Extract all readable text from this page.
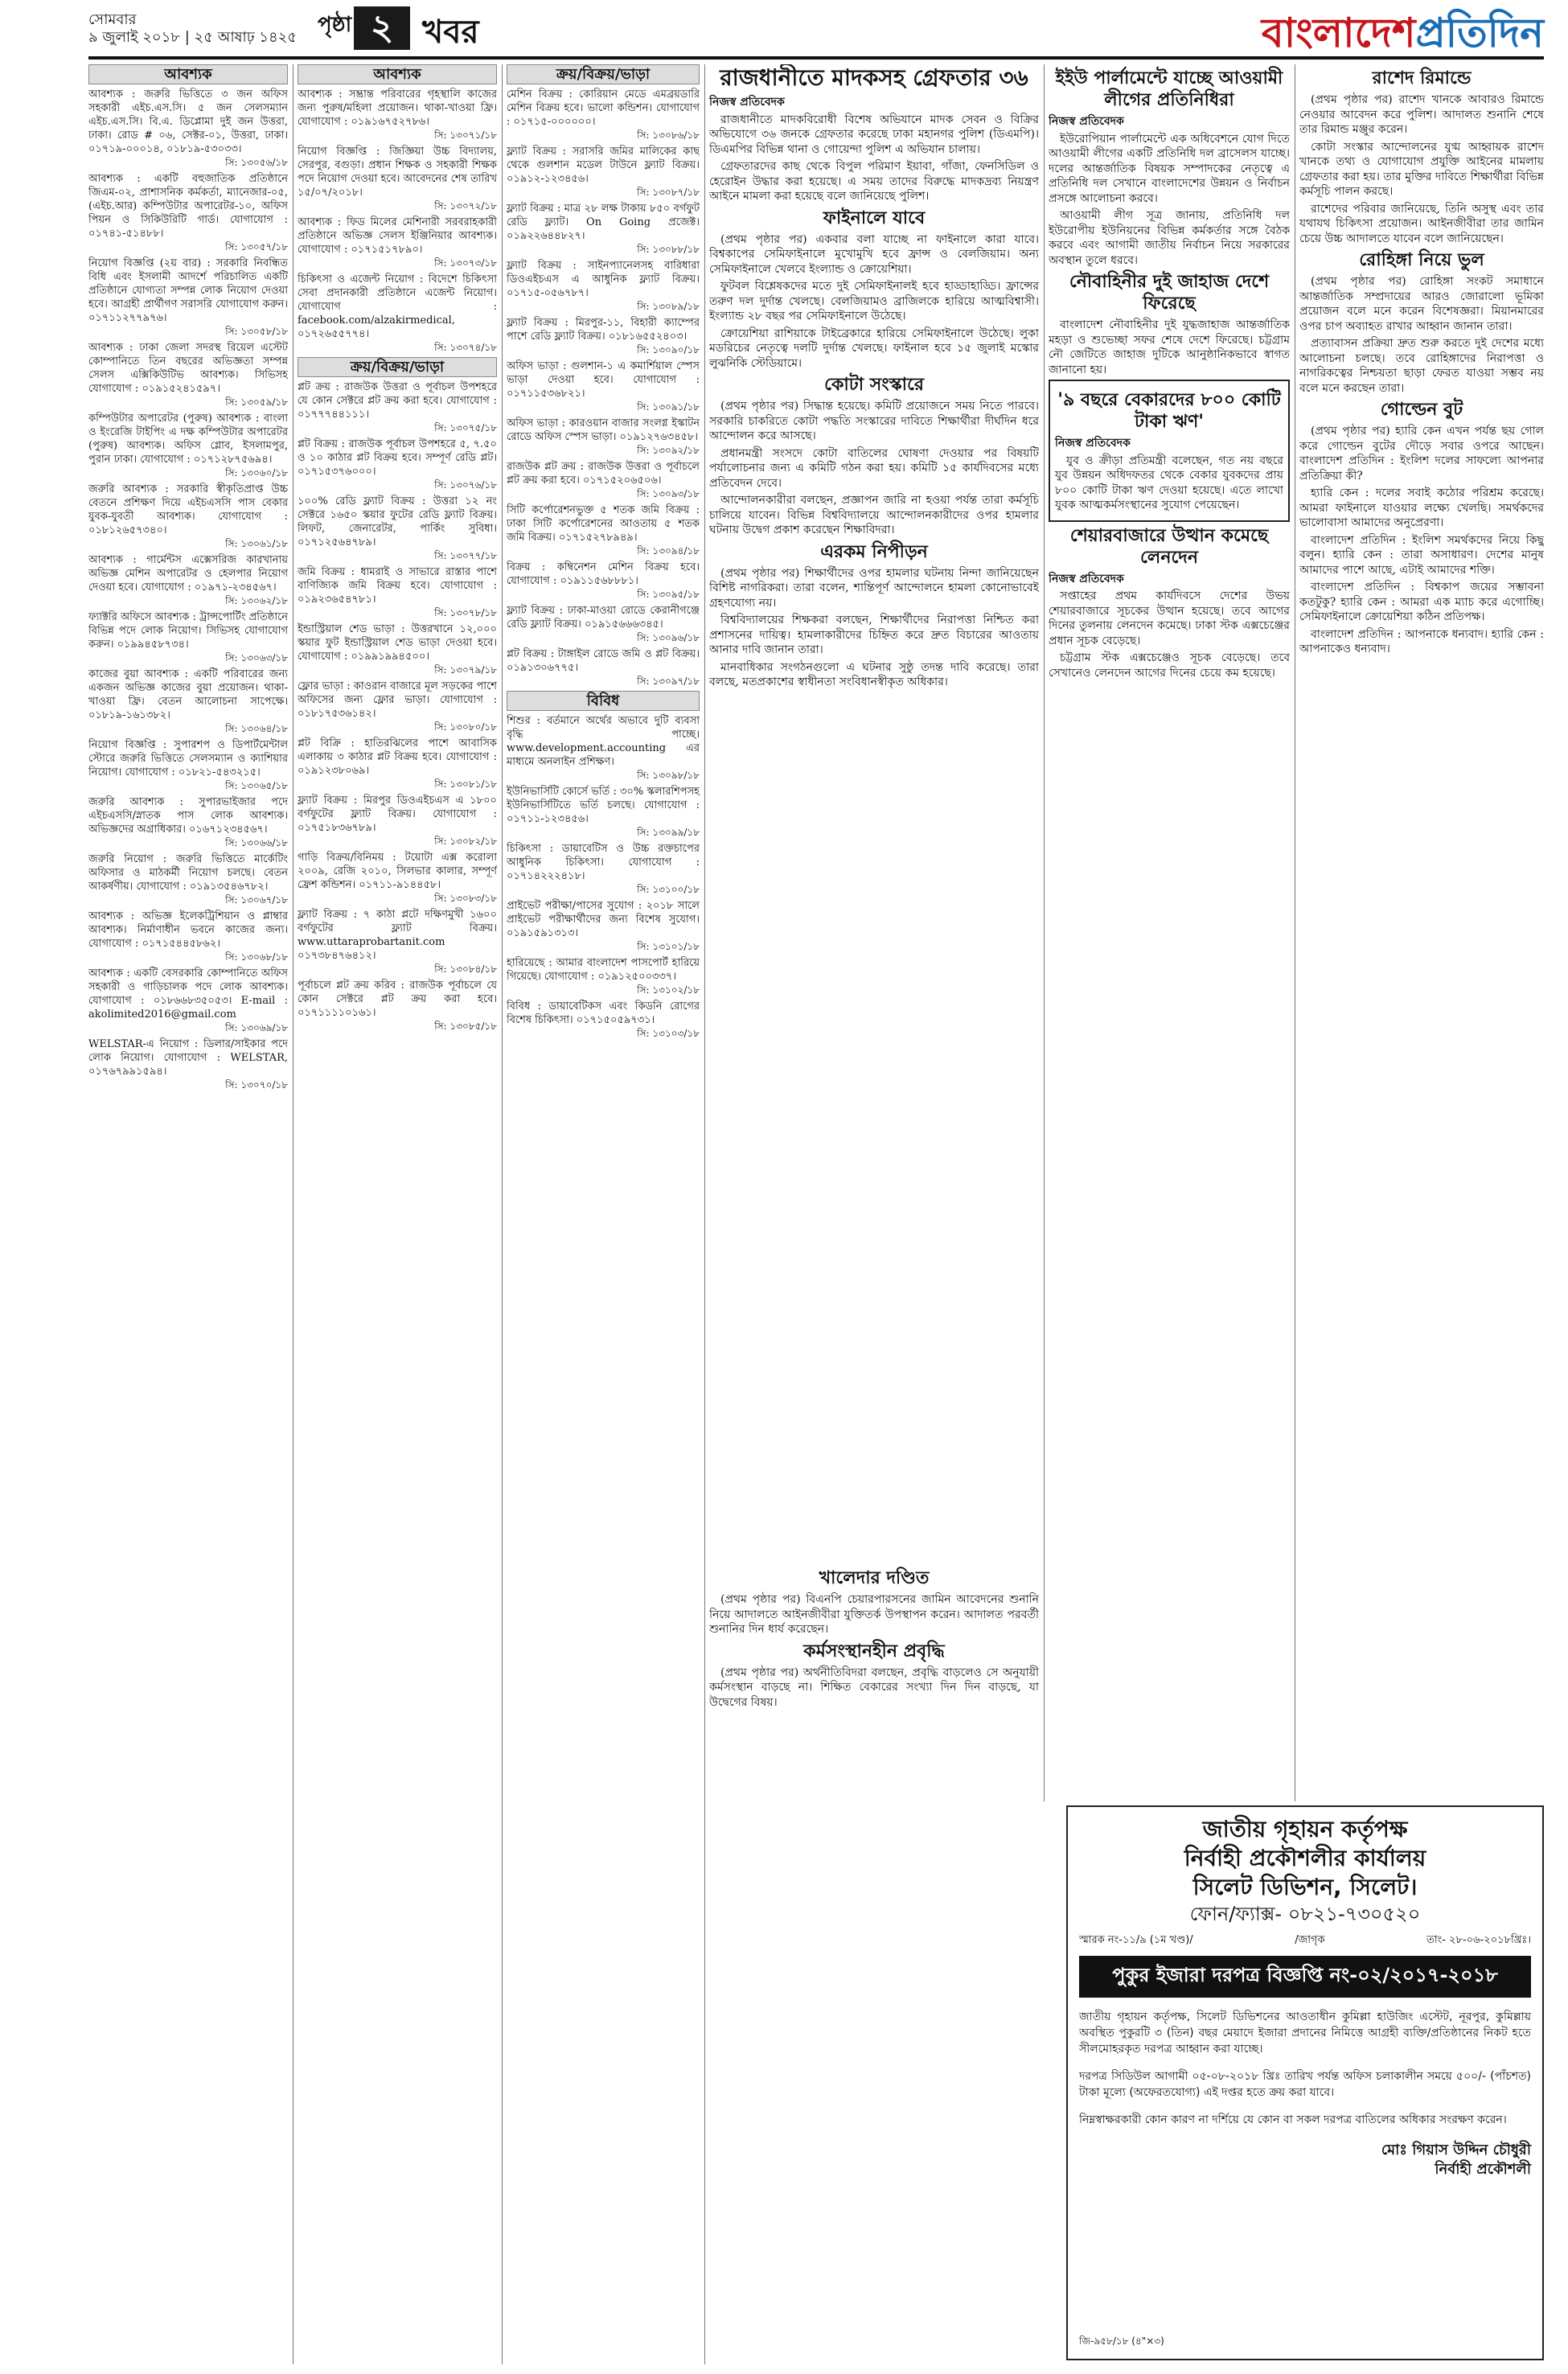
সোমবার
৯ জুলাই ২০১৮ | ২৫ আষাঢ় ১৪২৫
পৃষ্ঠা ২ খবর	বাংলাদেশপ্রতিদিন
আবশ্যক
আবশ্যক : জরুরি ভিত্তিতে ৩ জন অফিস সহকারী এইচ.এস.সি। ৫ জন সেলসম্যান এইচ.এস.সি। বি.এ. ডিপ্লোমা দুই জন উত্তরা, ঢাকা। রোড # ০৬, সেক্টর-০১, উত্তরা, ঢাকা। ০১৭১৯-০০০১৪, ০১৮১৯-৫৩০৩৩।
সি: ১৩০৫৬/১৮
আবশ্যক : একটি বহুজাতিক প্রতিষ্ঠানে জিএম-০২, প্রাশাসনিক কর্মকর্তা, ম্যানেজার-০৫, (এইচ.আর) কম্পিউটার অপারেটর-১০, অফিস পিয়ন ও সিকিউরিটি গার্ড। যোগাযোগ : ০১৭৪১-৫১৪৮৮।
সি: ১৩০৫৭/১৮
নিয়োগ বিজ্ঞপ্তি (২য় বার) : সরকারি নিবন্ধিত বিধি এবং ইসলামী আদর্শে পরিচালিত একটি প্রতিষ্ঠানে যোগ্যতা সম্পন্ন লোক নিয়োগ দেওয়া হবে। আগ্রহী প্রার্থীগণ সরাসরি যোগাযোগ করুন। ০১৭১১২৭৭৯৭৬।
সি: ১৩০৫৮/১৮
আবশ্যক : ঢাকা জেলা সদরস্থ রিয়েল এস্টেট কোম্পানিতে তিন বছরের অভিজ্ঞতা সম্পন্ন সেলস এক্সিকিউটিভ আবশ্যক। সিভিসহ যোগাযোগ : ০১৯১৫২৪১৫৯৭।
সি: ১৩০৫৯/১৮
কম্পিউটার অপারেটর (পুরুষ) আবশ্যক : বাংলা ও ইংরেজি টাইপিং এ দক্ষ কম্পিউটার অপারেটর (পুরুষ) আবশ্যক। অফিস গ্লোব, ইসলামপুর, পুরান ঢাকা। যোগাযোগ : ০১৭১২৮৭৫৬৯৪।
সি: ১৩০৬০/১৮
জরুরি আবশ্যক : সরকারি স্বীকৃতিপ্রাপ্ত উচ্চ বেতনে প্রশিক্ষণ দিয়ে এইচএসসি পাস বেকার যুবক-যুবতী আবশ্যক। যোগাযোগ : ০১৮১২৬৫৭৩৪০।
সি: ১৩০৬১/১৮
আবশ্যক : গার্মেন্টস এক্সেসরিজ কারখানায় অভিজ্ঞ মেশিন অপারেটর ও হেলপার নিয়োগ দেওয়া হবে। যোগাযোগ : ০১৯৭১-২৩৪৫৬৭।
সি: ১৩০৬২/১৮
ফ্যাক্টরি অফিসে আবশ্যক : ট্রান্সপোর্টিং প্রতিষ্ঠানে বিভিন্ন পদে লোক নিয়োগ। সিভিসহ যোগাযোগ করুন। ০১৯৯৪৫৮৭৩৪।
সি: ১৩০৬৩/১৮
কাজের বুয়া আবশ্যক : একটি পরিবারের জন্য একজন অভিজ্ঞ কাজের বুয়া প্রয়োজন। থাকা-খাওয়া ফ্রি। বেতন আলোচনা সাপেক্ষে। ০১৮১৯-১৬১৩৮২।
সি: ১৩০৬৪/১৮
নিয়োগ বিজ্ঞপ্তি : সুপারশপ ও ডিপার্টমেন্টাল স্টোরে জরুরি ভিত্তিতে সেলসম্যান ও ক্যাশিয়ার নিয়োগ। যোগাযোগ : ০১৮২১-৫৪৩২১৫।
সি: ১৩০৬৫/১৮
জরুরি আবশ্যক : সুপারভাইজার পদে এইচএসসি/স্নাতক পাস লোক আবশ্যক। অভিজ্ঞদের অগ্রাধিকার। ০১৬৭১২৩৪৫৬৭।
সি: ১৩০৬৬/১৮
জরুরি নিয়োগ : জরুরি ভিত্তিতে মার্কেটিং অফিসার ও মাঠকর্মী নিয়োগ চলছে। বেতন আকর্ষণীয়। যোগাযোগ : ০১৯১৩৫৪৬৭৮২।
সি: ১৩০৬৭/১৮
আবশ্যক : অভিজ্ঞ ইলেকট্রিশিয়ান ও প্লাম্বার আবশ্যক। নির্মাণাধীন ভবনে কাজের জন্য। যোগাযোগ : ০১৭১৫৪৪৫৮৬২।
সি: ১৩০৬৮/১৮
আবশ্যক : একটি বেসরকারি কোম্পানিতে অফিস সহকারী ও গাড়িচালক পদে লোক আবশ্যক। যোগাযোগ : ০১৮৬৬৮৩৫০৫৩। E-mail : akolimited2016@gmail.com
সি: ১৩০৬৯/১৮
WELSTAR-এ নিয়োগ : ডিলার/সাইকার পদে লোক নিয়োগ। যোগাযোগ : WELSTAR, ০১৭৬৭৯৯১৫৯৪।
সি: ১৩০৭০/১৮
আবশ্যক
আবশ্যক : সম্ভ্রান্ত পরিবারের গৃহস্থালি কাজের জন্য পুরুষ/মহিলা প্রয়োজন। থাকা-খাওয়া ফ্রি। যোগাযোগ : ০১৯১৬৭৫২৭৮৬।
সি: ১৩০৭১/১৮
নিয়োগ বিজ্ঞপ্তি : জিজ্ঞিয়া উচ্চ বিদ্যালয়, সেরপুর, বগুড়া। প্রধান শিক্ষক ও সহকারী শিক্ষক পদে নিয়োগ দেওয়া হবে। আবেদনের শেষ তারিখ ১৫/০৭/২০১৮।
সি: ১৩০৭২/১৮
আবশ্যক : ফিড মিলের মেশিনারী সরবরাহকারী প্রতিষ্ঠানে অভিজ্ঞ সেলস ইঞ্জিনিয়ার আবশ্যক। যোগাযোগ : ০১৭১৫১৭৮৯০।
সি: ১৩০৭৩/১৮
চিকিৎসা ও এজেন্ট নিয়োগ : বিদেশে চিকিৎসা সেবা প্রদানকারী প্রতিষ্ঠানে এজেন্ট নিয়োগ। যোগাযোগ : facebook.com/alzakirmedical, ০১৭২৬৫৫৭৭৪।
সি: ১৩০৭৪/১৮
ক্রয়/বিক্রয়/ভাড়া
প্লট ক্রয় : রাজউক উত্তরা ও পূর্বাচল উপশহরে যে কোন সেক্টরে প্লট ক্রয় করা হবে। যোগাযোগ : ০১৭৭৭৪৪১১১।
সি: ১৩০৭৫/১৮
প্লট বিক্রয় : রাজউক পূর্বাচল উপশহরে ৫, ৭.৫০ ও ১০ কাঠার প্লট বিক্রয় হবে। সম্পূর্ণ রেডি প্লট। ০১৭১৫৩৭৬০০০।
সি: ১৩০৭৬/১৮
১০০% রেডি ফ্ল্যাট বিক্রয় : উত্তরা ১২ নং সেক্টরে ১৬৫০ স্কয়ার ফুটের রেডি ফ্ল্যাট বিক্রয়। লিফট, জেনারেটর, পার্কিং সুবিধা। ০১৭১২৫৬৪৭৮৯।
সি: ১৩০৭৭/১৮
জমি বিক্রয় : ধামরাই ও সাভারে রাস্তার পাশে বাণিজ্যিক জমি বিক্রয় হবে। যোগাযোগ : ০১৯২৩৬৫৪৭৮১।
সি: ১৩০৭৮/১৮
ইন্ডাস্ট্রিয়াল শেড ভাড়া : উত্তরখানে ১২,০০০ স্কয়ার ফুট ইন্ডাস্ট্রিয়াল শেড ভাড়া দেওয়া হবে। যোগাযোগ : ০১৯৯১৯৯৪৫০০।
সি: ১৩০৭৯/১৮
ফ্লোর ভাড়া : কাওরান বাজারে মূল সড়কের পাশে অফিসের জন্য ফ্লোর ভাড়া। যোগাযোগ : ০১৮১৭৫৩৬১৪২।
সি: ১৩০৮০/১৮
প্লট বিক্রি : হাতিরঝিলের পাশে আবাসিক এলাকায় ৩ কাঠার প্লট বিক্রয় হবে। যোগাযোগ : ০১৯১২৩৮০৬৯।
সি: ১৩০৮১/১৮
ফ্ল্যাট বিক্রয় : মিরপুর ডিওএইচএস এ ১৮০০ বর্গফুটের ফ্ল্যাট বিক্রয়। যোগাযোগ : ০১৭৫১৮৩৬৭৮৯।
সি: ১৩০৮২/১৮
গাড়ি বিক্রয়/বিনিময় : টয়োটা এক্স করোলা ২০০৯, রেজি ২০১০, সিলভার কালার, সম্পূর্ণ ফ্রেশ কন্ডিশন। ০১৭১১-৯১৪৪৫৮।
সি: ১৩০৮৩/১৮
ফ্ল্যাট বিক্রয় : ৭ কাঠা প্লটে দক্ষিণমুখী ১৬০০ বর্গফুটের ফ্ল্যাট বিক্রয়। www.uttaraprobartanit.com ০১৭৩৮৪৭৬৪১২।
সি: ১৩০৮৪/১৮
পূর্বাচলে প্লট ক্রয় করিব : রাজউক পূর্বাচলে যে কোন সেক্টরে প্লট ক্রয় করা হবে। ০১৭১১১১০১৬১।
সি: ১৩০৮৫/১৮
ক্রয়/বিক্রয়/ভাড়া
মেশিন বিক্রয় : কোরিয়ান মেডে এমব্রয়ডারি মেশিন বিক্রয় হবে। ভালো কন্ডিশন। যোগাযোগ : ০১৭১৫-০০০০০০।
সি: ১৩০৮৬/১৮
ফ্ল্যাট বিক্রয় : সরাসরি জমির মালিকের কাছ থেকে গুলশান মডেল টাউনে ফ্ল্যাট বিক্রয়। ০১৯১২-১২৩৪৫৬।
সি: ১৩০৮৭/১৮
ফ্ল্যাট বিক্রয় : মাত্র ২৮ লক্ষ টাকায় ৮৫০ বর্গফুট রেডি ফ্ল্যাট। On Going প্রজেক্ট। ০১৯২২৬৪৪৮২৭।
সি: ১৩০৮৮/১৮
ফ্ল্যাট বিক্রয় : সাইনপ্যানেলসহ বারিধারা ডিওএইচএস এ আধুনিক ফ্ল্যাট বিক্রয়। ০১৭১৫-০৫৬৭৮৭।
সি: ১৩০৮৯/১৮
ফ্ল্যাট বিক্রয় : মিরপুর-১১, বিহারী ক্যাম্পের পাশে রেডি ফ্ল্যাট বিক্রয়। ০১৮১৬৫৫২৪০৩।
সি: ১৩০৯০/১৮
অফিস ভাড়া : গুলশান-১ এ কমার্শিয়াল স্পেস ভাড়া দেওয়া হবে। যোগাযোগ : ০১৭১১৫৩৬৮২১।
সি: ১৩০৯১/১৮
অফিস ভাড়া : কারওয়ান বাজার সংলগ্ন ইস্কাটন রোডে অফিস স্পেস ভাড়া। ০১৯১২৭৬৩৪৫৮।
সি: ১৩০৯২/১৮
রাজউক প্লট ক্রয় : রাজউক উত্তরা ও পূর্বাচলে প্লট ক্রয় করা হবে। ০১৭১৫২০৬৫০৬।
সি: ১৩০৯৩/১৮
সিটি কর্পোরেশনভুক্ত ৫ শতক জমি বিক্রয় : ঢাকা সিটি কর্পোরেশনের আওতায় ৫ শতক জমি বিক্রয়। ০১৭১৫২৭৮৯৪৯।
সি: ১৩০৯৪/১৮
বিক্রয় : কম্বিনেশন মেশিন বিক্রয় হবে। যোগাযোগ : ০১৯১১৫৬৮৮৮১।
সি: ১৩০৯৫/১৮
ফ্ল্যাট বিক্রয় : ঢাকা-মাওয়া রোডে কেরানীগঞ্জে রেডি ফ্ল্যাট বিক্রয়। ০১৯১৫৬৬৬৩৪৫।
সি: ১৩০৯৬/১৮
প্লট বিক্রয় : টাঙ্গাইল রোডে জমি ও প্লট বিক্রয়। ০১৯১৩০৬৭৭৫।
সি: ১৩০৯৭/১৮
বিবিধ
শিশুর : বর্তমানে অর্থের অভাবে দুটি ব্যবসা বৃদ্ধি পাচ্ছে। www.development.accounting এর মাধ্যমে অনলাইন প্রশিক্ষণ।
সি: ১৩০৯৮/১৮
ইউনিভার্সিটি কোর্সে ভর্তি : ৩০% স্কলারশিপসহ ইউনিভার্সিটিতে ভর্তি চলছে। যোগাযোগ : ০১৭১১-১২৩৪৫৬।
সি: ১৩০৯৯/১৮
চিকিৎসা : ডায়াবেটিস ও উচ্চ রক্তচাপের আধুনিক চিকিৎসা। যোগাযোগ : ০১৭১৪২২২৪১৮।
সি: ১৩১০০/১৮
প্রাইভেট পরীক্ষা/পাসের সুযোগ : ২০১৮ সালে প্রাইভেট পরীক্ষার্থীদের জন্য বিশেষ সুযোগ। ০১৯১৫৯১৩১৩।
সি: ১৩১০১/১৮
হারিয়েছে : আমার বাংলাদেশ পাসপোর্ট হারিয়ে গিয়েছে। যোগাযোগ : ০১৯১২৫০০৩৩৭।
সি: ১৩১০২/১৮
বিবিধ : ডায়াবেটিকস এবং কিডনি রোগের বিশেষ চিকিৎসা। ০১৭১৫০৫৯৭৩১।
সি: ১৩১০৩/১৮
রাজধানীতে মাদকসহ গ্রেফতার ৩৬
নিজস্ব প্রতিবেদক

রাজধানীতে মাদকবিরোধী বিশেষ অভিযানে মাদক সেবন ও বিক্রির অভিযোগে ৩৬ জনকে গ্রেফতার করেছে ঢাকা মহানগর পুলিশ (ডিএমপি)। ডিএমপির বিভিন্ন থানা ও গোয়েন্দা পুলিশ এ অভিযান চালায়।

গ্রেফতারদের কাছ থেকে বিপুল পরিমাণ ইয়াবা, গাঁজা, ফেনসিডিল ও হেরোইন উদ্ধার করা হয়েছে। এ সময় তাদের বিরুদ্ধে মাদকদ্রব্য নিয়ন্ত্রণ আইনে মামলা করা হয়েছে বলে জানিয়েছে পুলিশ।

ফাইনালে যাবে

(প্রথম পৃষ্ঠার পর) একবার বলা যাচ্ছে না ফাইনালে কারা যাবে। বিশ্বকাপের সেমিফাইনালে মুখোমুখি হবে ফ্রান্স ও বেলজিয়াম। অন্য সেমিফাইনালে খেলবে ইংল্যান্ড ও ক্রোয়েশিয়া।

ফুটবল বিশ্লেষকদের মতে দুই সেমিফাইনালই হবে হাড্ডাহাড্ডি। ফ্রান্সের তরুণ দল দুর্দান্ত খেলছে। বেলজিয়ামও ব্রাজিলকে হারিয়ে আত্মবিশ্বাসী। ইংল্যান্ড ২৮ বছর পর সেমিফাইনালে উঠেছে।

ক্রোয়েশিয়া রাশিয়াকে টাইব্রেকারে হারিয়ে সেমিফাইনালে উঠেছে। লুকা মডরিচের নেতৃত্বে দলটি দুর্দান্ত খেলছে। ফাইনাল হবে ১৫ জুলাই মস্কোর লুঝনিকি স্টেডিয়ামে।

কোটা সংস্কারে

(প্রথম পৃষ্ঠার পর) সিদ্ধান্ত হয়েছে। কমিটি প্রয়োজনে সময় নিতে পারবে। সরকারি চাকরিতে কোটা পদ্ধতি সংস্কারের দাবিতে শিক্ষার্থীরা দীর্ঘদিন ধরে আন্দোলন করে আসছে।

প্রধানমন্ত্রী সংসদে কোটা বাতিলের ঘোষণা দেওয়ার পর বিষয়টি পর্যালোচনার জন্য এ কমিটি গঠন করা হয়। কমিটি ১৫ কার্যদিবসের মধ্যে প্রতিবেদন দেবে।

আন্দোলনকারীরা বলছেন, প্রজ্ঞাপন জারি না হওয়া পর্যন্ত তারা কর্মসূচি চালিয়ে যাবেন। বিভিন্ন বিশ্ববিদ্যালয়ে আন্দোলনকারীদের ওপর হামলার ঘটনায় উদ্বেগ প্রকাশ করেছেন শিক্ষাবিদরা।

এরকম নিপীড়ন

(প্রথম পৃষ্ঠার পর) শিক্ষার্থীদের ওপর হামলার ঘটনায় নিন্দা জানিয়েছেন বিশিষ্ট নাগরিকরা। তারা বলেন, শান্তিপূর্ণ আন্দোলনে হামলা কোনোভাবেই গ্রহণযোগ্য নয়।

বিশ্ববিদ্যালয়ের শিক্ষকরা বলছেন, শিক্ষার্থীদের নিরাপত্তা নিশ্চিত করা প্রশাসনের দায়িত্ব। হামলাকারীদের চিহ্নিত করে দ্রুত বিচারের আওতায় আনার দাবি জানান তারা।

মানবাধিকার সংগঠনগুলো এ ঘটনার সুষ্ঠু তদন্ত দাবি করেছে। তারা বলছে, মতপ্রকাশের স্বাধীনতা সংবিধানস্বীকৃত অধিকার।

খালেদার দণ্ডিত

(প্রথম পৃষ্ঠার পর) বিএনপি চেয়ারপারসনের জামিন আবেদনের শুনানি নিয়ে আদালতে আইনজীবীরা যুক্তিতর্ক উপস্থাপন করেন। আদালত পরবর্তী শুনানির দিন ধার্য করেছেন।

কর্মসংস্থানহীন প্রবৃদ্ধি

(প্রথম পৃষ্ঠার পর) অর্থনীতিবিদরা বলছেন, প্রবৃদ্ধি বাড়লেও সে অনুযায়ী কর্মসংস্থান বাড়ছে না। শিক্ষিত বেকারের সংখ্যা দিন দিন বাড়ছে, যা উদ্বেগের বিষয়।

ইইউ পার্লামেন্টে যাচ্ছে আওয়ামী লীগের প্রতিনিধিরা
নিজস্ব প্রতিবেদক

ইউরোপিয়ান পার্লামেন্টে এক অধিবেশনে যোগ দিতে আওয়ামী লীগের একটি প্রতিনিধি দল ব্রাসেলস যাচ্ছে। দলের আন্তর্জাতিক বিষয়ক সম্পাদকের নেতৃত্বে এ প্রতিনিধি দল সেখানে বাংলাদেশের উন্নয়ন ও নির্বাচন প্রসঙ্গে আলোচনা করবে।

আওয়ামী লীগ সূত্র জানায়, প্রতিনিধি দল ইউরোপীয় ইউনিয়নের বিভিন্ন কর্মকর্তার সঙ্গে বৈঠক করবে এবং আগামী জাতীয় নির্বাচন নিয়ে সরকারের অবস্থান তুলে ধরবে।

নৌবাহিনীর দুই জাহাজ দেশে ফিরেছে

বাংলাদেশ নৌবাহিনীর দুই যুদ্ধজাহাজ আন্তর্জাতিক মহড়া ও শুভেচ্ছা সফর শেষে দেশে ফিরেছে। চট্টগ্রাম নৌ জেটিতে জাহাজ দুটিকে আনুষ্ঠানিকভাবে স্বাগত জানানো হয়।

'৯ বছরে বেকারদের ৮০০ কোটি টাকা ঋণ'
নিজস্ব প্রতিবেদক

যুব ও ক্রীড়া প্রতিমন্ত্রী বলেছেন, গত নয় বছরে যুব উন্নয়ন অধিদফতর থেকে বেকার যুবকদের প্রায় ৮০০ কোটি টাকা ঋণ দেওয়া হয়েছে। এতে লাখো যুবক আত্মকর্মসংস্থানের সুযোগ পেয়েছেন।

শেয়ারবাজারে উত্থান কমেছে লেনদেন
নিজস্ব প্রতিবেদক

সপ্তাহের প্রথম কার্যদিবসে দেশের উভয় শেয়ারবাজারে সূচকের উত্থান হয়েছে। তবে আগের দিনের তুলনায় লেনদেন কমেছে। ঢাকা স্টক এক্সচেঞ্জের প্রধান সূচক বেড়েছে।

চট্টগ্রাম স্টক এক্সচেঞ্জেও সূচক বেড়েছে। তবে সেখানেও লেনদেন আগের দিনের চেয়ে কম হয়েছে।

রাশেদ রিমান্ডে

(প্রথম পৃষ্ঠার পর) রাশেদ খানকে আবারও রিমান্ডে নেওয়ার আবেদন করে পুলিশ। আদালত শুনানি শেষে তার রিমান্ড মঞ্জুর করেন।

কোটা সংস্কার আন্দোলনের যুগ্ম আহ্বায়ক রাশেদ খানকে তথ্য ও যোগাযোগ প্রযুক্তি আইনের মামলায় গ্রেফতার করা হয়। তার মুক্তির দাবিতে শিক্ষার্থীরা বিভিন্ন কর্মসূচি পালন করছে।

রাশেদের পরিবার জানিয়েছে, তিনি অসুস্থ এবং তার যথাযথ চিকিৎসা প্রয়োজন। আইনজীবীরা তার জামিন চেয়ে উচ্চ আদালতে যাবেন বলে জানিয়েছেন।

রোহিঙ্গা নিয়ে ভুল

(প্রথম পৃষ্ঠার পর) রোহিঙ্গা সংকট সমাধানে আন্তর্জাতিক সম্প্রদায়ের আরও জোরালো ভূমিকা প্রয়োজন বলে মনে করেন বিশেষজ্ঞরা। মিয়ানমারের ওপর চাপ অব্যাহত রাখার আহ্বান জানান তারা।

প্রত্যাবাসন প্রক্রিয়া দ্রুত শুরু করতে দুই দেশের মধ্যে আলোচনা চলছে। তবে রোহিঙ্গাদের নিরাপত্তা ও নাগরিকত্বের নিশ্চয়তা ছাড়া ফেরত যাওয়া সম্ভব নয় বলে মনে করছেন তারা।

গোল্ডেন বুট

(প্রথম পৃষ্ঠার পর) হ্যারি কেন এখন পর্যন্ত ছয় গোল করে গোল্ডেন বুটের দৌড়ে সবার ওপরে আছেন। বাংলাদেশ প্রতিদিন : ইংলিশ দলের সাফল্যে আপনার প্রতিক্রিয়া কী?

হ্যারি কেন : দলের সবাই কঠোর পরিশ্রম করেছে। আমরা ফাইনালে যাওয়ার লক্ষ্যে খেলছি। সমর্থকদের ভালোবাসা আমাদের অনুপ্রেরণা।

বাংলাদেশ প্রতিদিন : ইংলিশ সমর্থকদের নিয়ে কিছু বলুন। হ্যারি কেন : তারা অসাধারণ। দেশের মানুষ আমাদের পাশে আছে, এটাই আমাদের শক্তি।

বাংলাদেশ প্রতিদিন : বিশ্বকাপ জয়ের সম্ভাবনা কতটুকু? হ্যারি কেন : আমরা এক ম্যাচ করে এগোচ্ছি। সেমিফাইনালে ক্রোয়েশিয়া কঠিন প্রতিপক্ষ।

বাংলাদেশ প্রতিদিন : আপনাকে ধন্যবাদ। হ্যারি কেন : আপনাকেও ধন্যবাদ।

জাতীয় গৃহায়ন কর্তৃপক্ষ
নির্বাহী প্রকৌশলীর কার্যালয়
সিলেট ডিভিশন, সিলেট।
ফোন/ফ্যাক্স- ০৮২১-৭৩০৫২০
স্মারক নং-১১/৯ (১ম খণ্ড)/	/জাগৃক	তাং- ২৮-০৬-২০১৮খ্রিঃ।
পুকুর ইজারা দরপত্র বিজ্ঞপ্তি নং-০২/২০১৭-২০১৮

জাতীয় গৃহায়ন কর্তৃপক্ষ, সিলেট ডিভিশনের আওতাধীন কুমিল্লা হাউজিং এস্টেট, নূরপুর, কুমিল্লায় অবস্থিত পুকুরটি ৩ (তিন) বছর মেয়াদে ইজারা প্রদানের নিমিত্তে আগ্রহী ব্যক্তি/প্রতিষ্ঠানের নিকট হতে সীলমোহরকৃত দরপত্র আহ্বান করা যাচ্ছে।

দরপত্র সিডিউল আগামী ০৫-০৮-২০১৮ খ্রিঃ তারিখ পর্যন্ত অফিস চলাকালীন সময়ে ৫০০/- (পাঁচশত) টাকা মূল্যে (অফেরতযোগ্য) এই দপ্তর হতে ক্রয় করা যাবে।

নিম্নস্বাক্ষরকারী কোন কারণ না দর্শিয়ে যে কোন বা সকল দরপত্র বাতিলের অধিকার সংরক্ষণ করেন।

মোঃ গিয়াস উদ্দিন চৌধুরী
নির্বাহী প্রকৌশলী
জি-৯৫৮/১৮ (৪"×৩)
